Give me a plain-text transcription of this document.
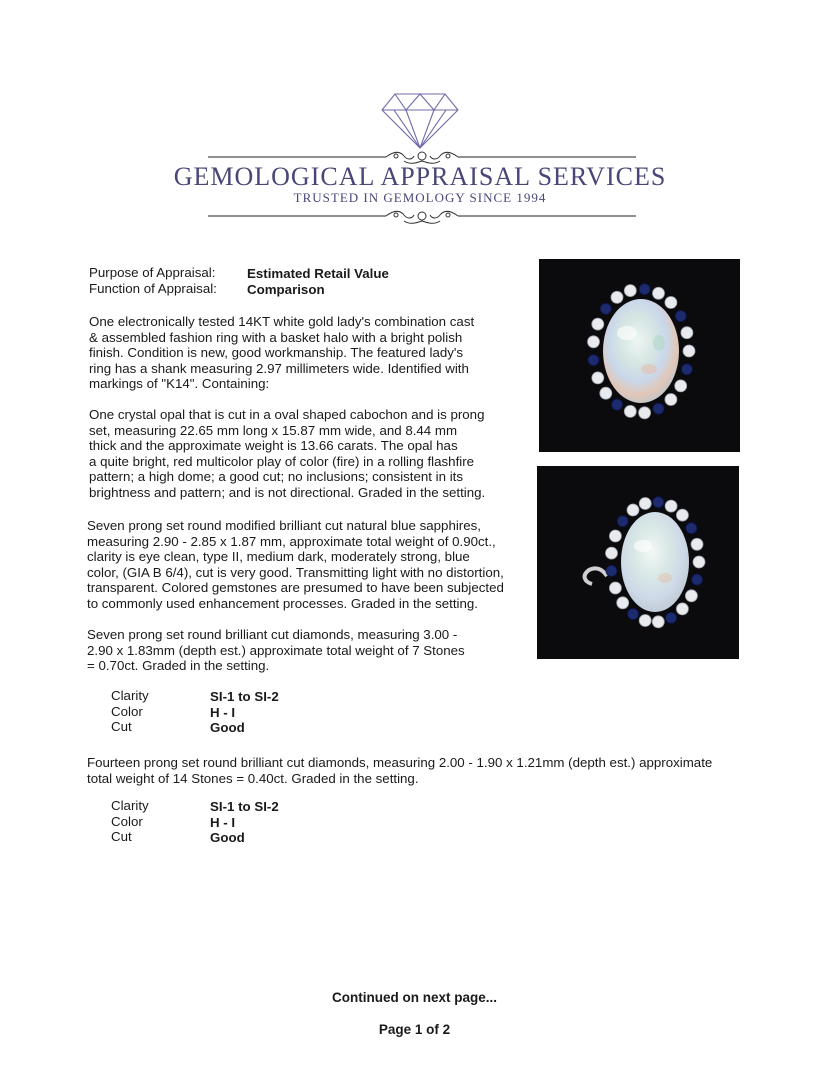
GEMOLOGICAL APPRAISAL SERVICES
TRUSTED IN GEMOLOGY SINCE 1994
Purpose of Appraisal: Estimated Retail Value
Function of Appraisal: Comparison
One electronically tested 14KT white gold lady's combination cast
& assembled fashion ring with a basket halo with a bright polish
finish. Condition is new, good workmanship. The featured lady's
ring has a shank measuring 2.97 millimeters wide. Identified with
markings of "K14". Containing:
One crystal opal that is cut in a oval shaped cabochon and is prong
set, measuring 22.65 mm long x 15.87 mm wide, and 8.44 mm
thick and the approximate weight is 13.66 carats. The opal has
a quite bright, red multicolor play of color (fire) in a rolling flashfire
pattern; a high dome; a good cut; no inclusions; consistent in its
brightness and pattern; and is not directional. Graded in the setting.
Seven prong set round modified brilliant cut natural blue sapphires,
measuring 2.90 - 2.85 x 1.87 mm, approximate total weight of 0.90ct.,
clarity is eye clean, type II, medium dark, moderately strong, blue
color, (GIA B 6/4), cut is very good. Transmitting light with no distortion,
transparent. Colored gemstones are presumed to have been subjected
to commonly used enhancement processes. Graded in the setting.
Seven prong set round brilliant cut diamonds, measuring 3.00 -
2.90 x 1.83mm (depth est.) approximate total weight of 7 Stones
= 0.70ct. Graded in the setting.
Clarity
Color
Cut
SI-1 to SI-2
H - I
Good
Fourteen prong set round brilliant cut diamonds, measuring 2.00 - 1.90 x 1.21mm (depth est.) approximate
total weight of 14 Stones = 0.40ct. Graded in the setting.
Clarity
Color
Cut
SI-1 to SI-2
H - I
Good
Continued on next page...
Page 1 of 2
